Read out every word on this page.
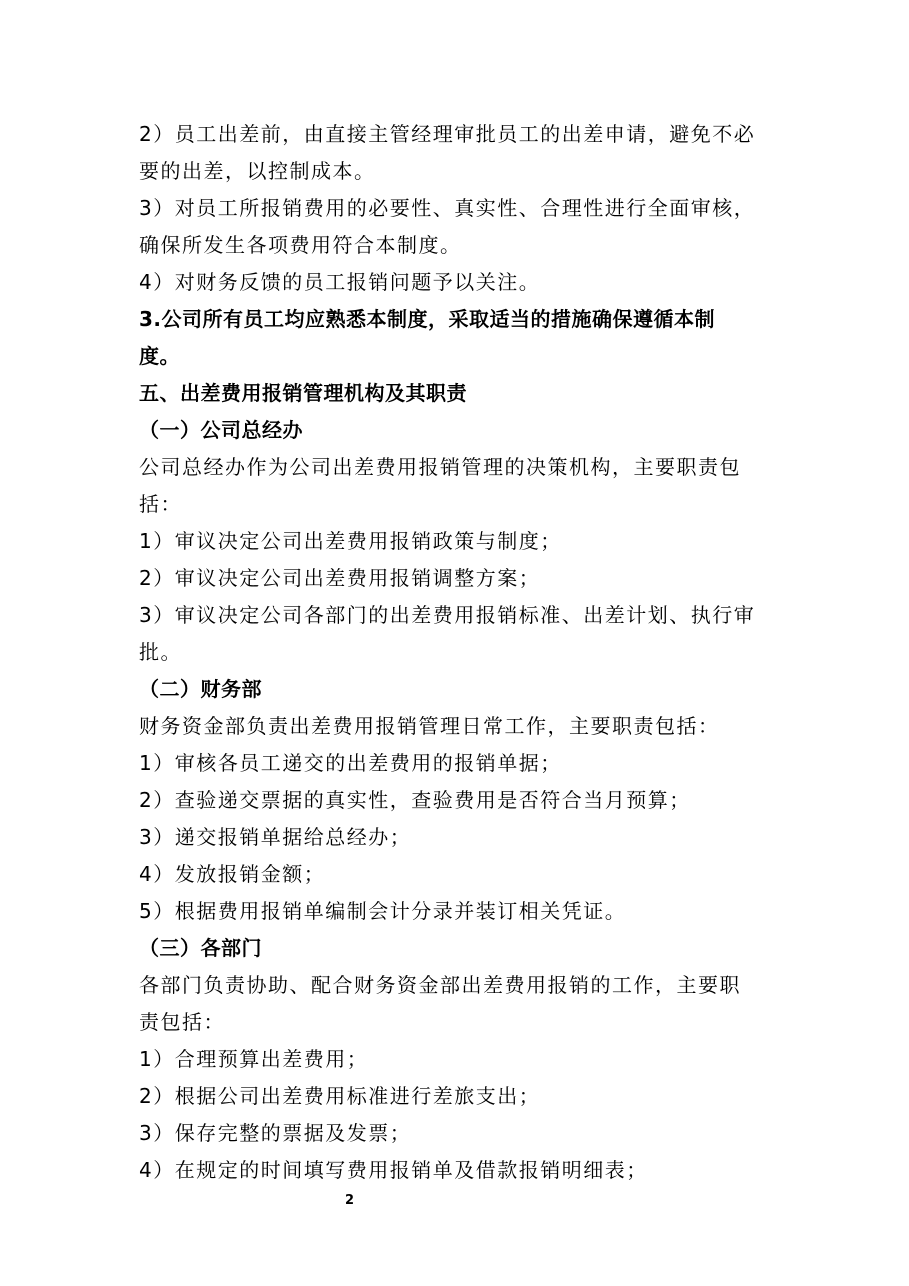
2）员工出差前，由直接主管经理审批员工的出差申请，避免不必
要的出差，以控制成本。
3）对员工所报销费用的必要性、真实性、合理性进行全面审核，
确保所发生各项费用符合本制度。
4）对财务反馈的员工报销问题予以关注。
3.公司所有员工均应熟悉本制度，采取适当的措施确保遵循本制
度。
五、出差费用报销管理机构及其职责
（一）公司总经办
公司总经办作为公司出差费用报销管理的决策机构，主要职责包
括：
1）审议决定公司出差费用报销政策与制度；
2）审议决定公司出差费用报销调整方案；
3）审议决定公司各部门的出差费用报销标准、出差计划、执行审
批。
（二）财务部
财务资金部负责出差费用报销管理日常工作，主要职责包括：
1）审核各员工递交的出差费用的报销单据；
2）查验递交票据的真实性，查验费用是否符合当月预算；
3）递交报销单据给总经办；
4）发放报销金额；
5）根据费用报销单编制会计分录并装订相关凭证。
（三）各部门
各部门负责协助、配合财务资金部出差费用报销的工作，主要职
责包括：
1）合理预算出差费用；
2）根据公司出差费用标准进行差旅支出；
3）保存完整的票据及发票；
4）在规定的时间填写费用报销单及借款报销明细表；
2
